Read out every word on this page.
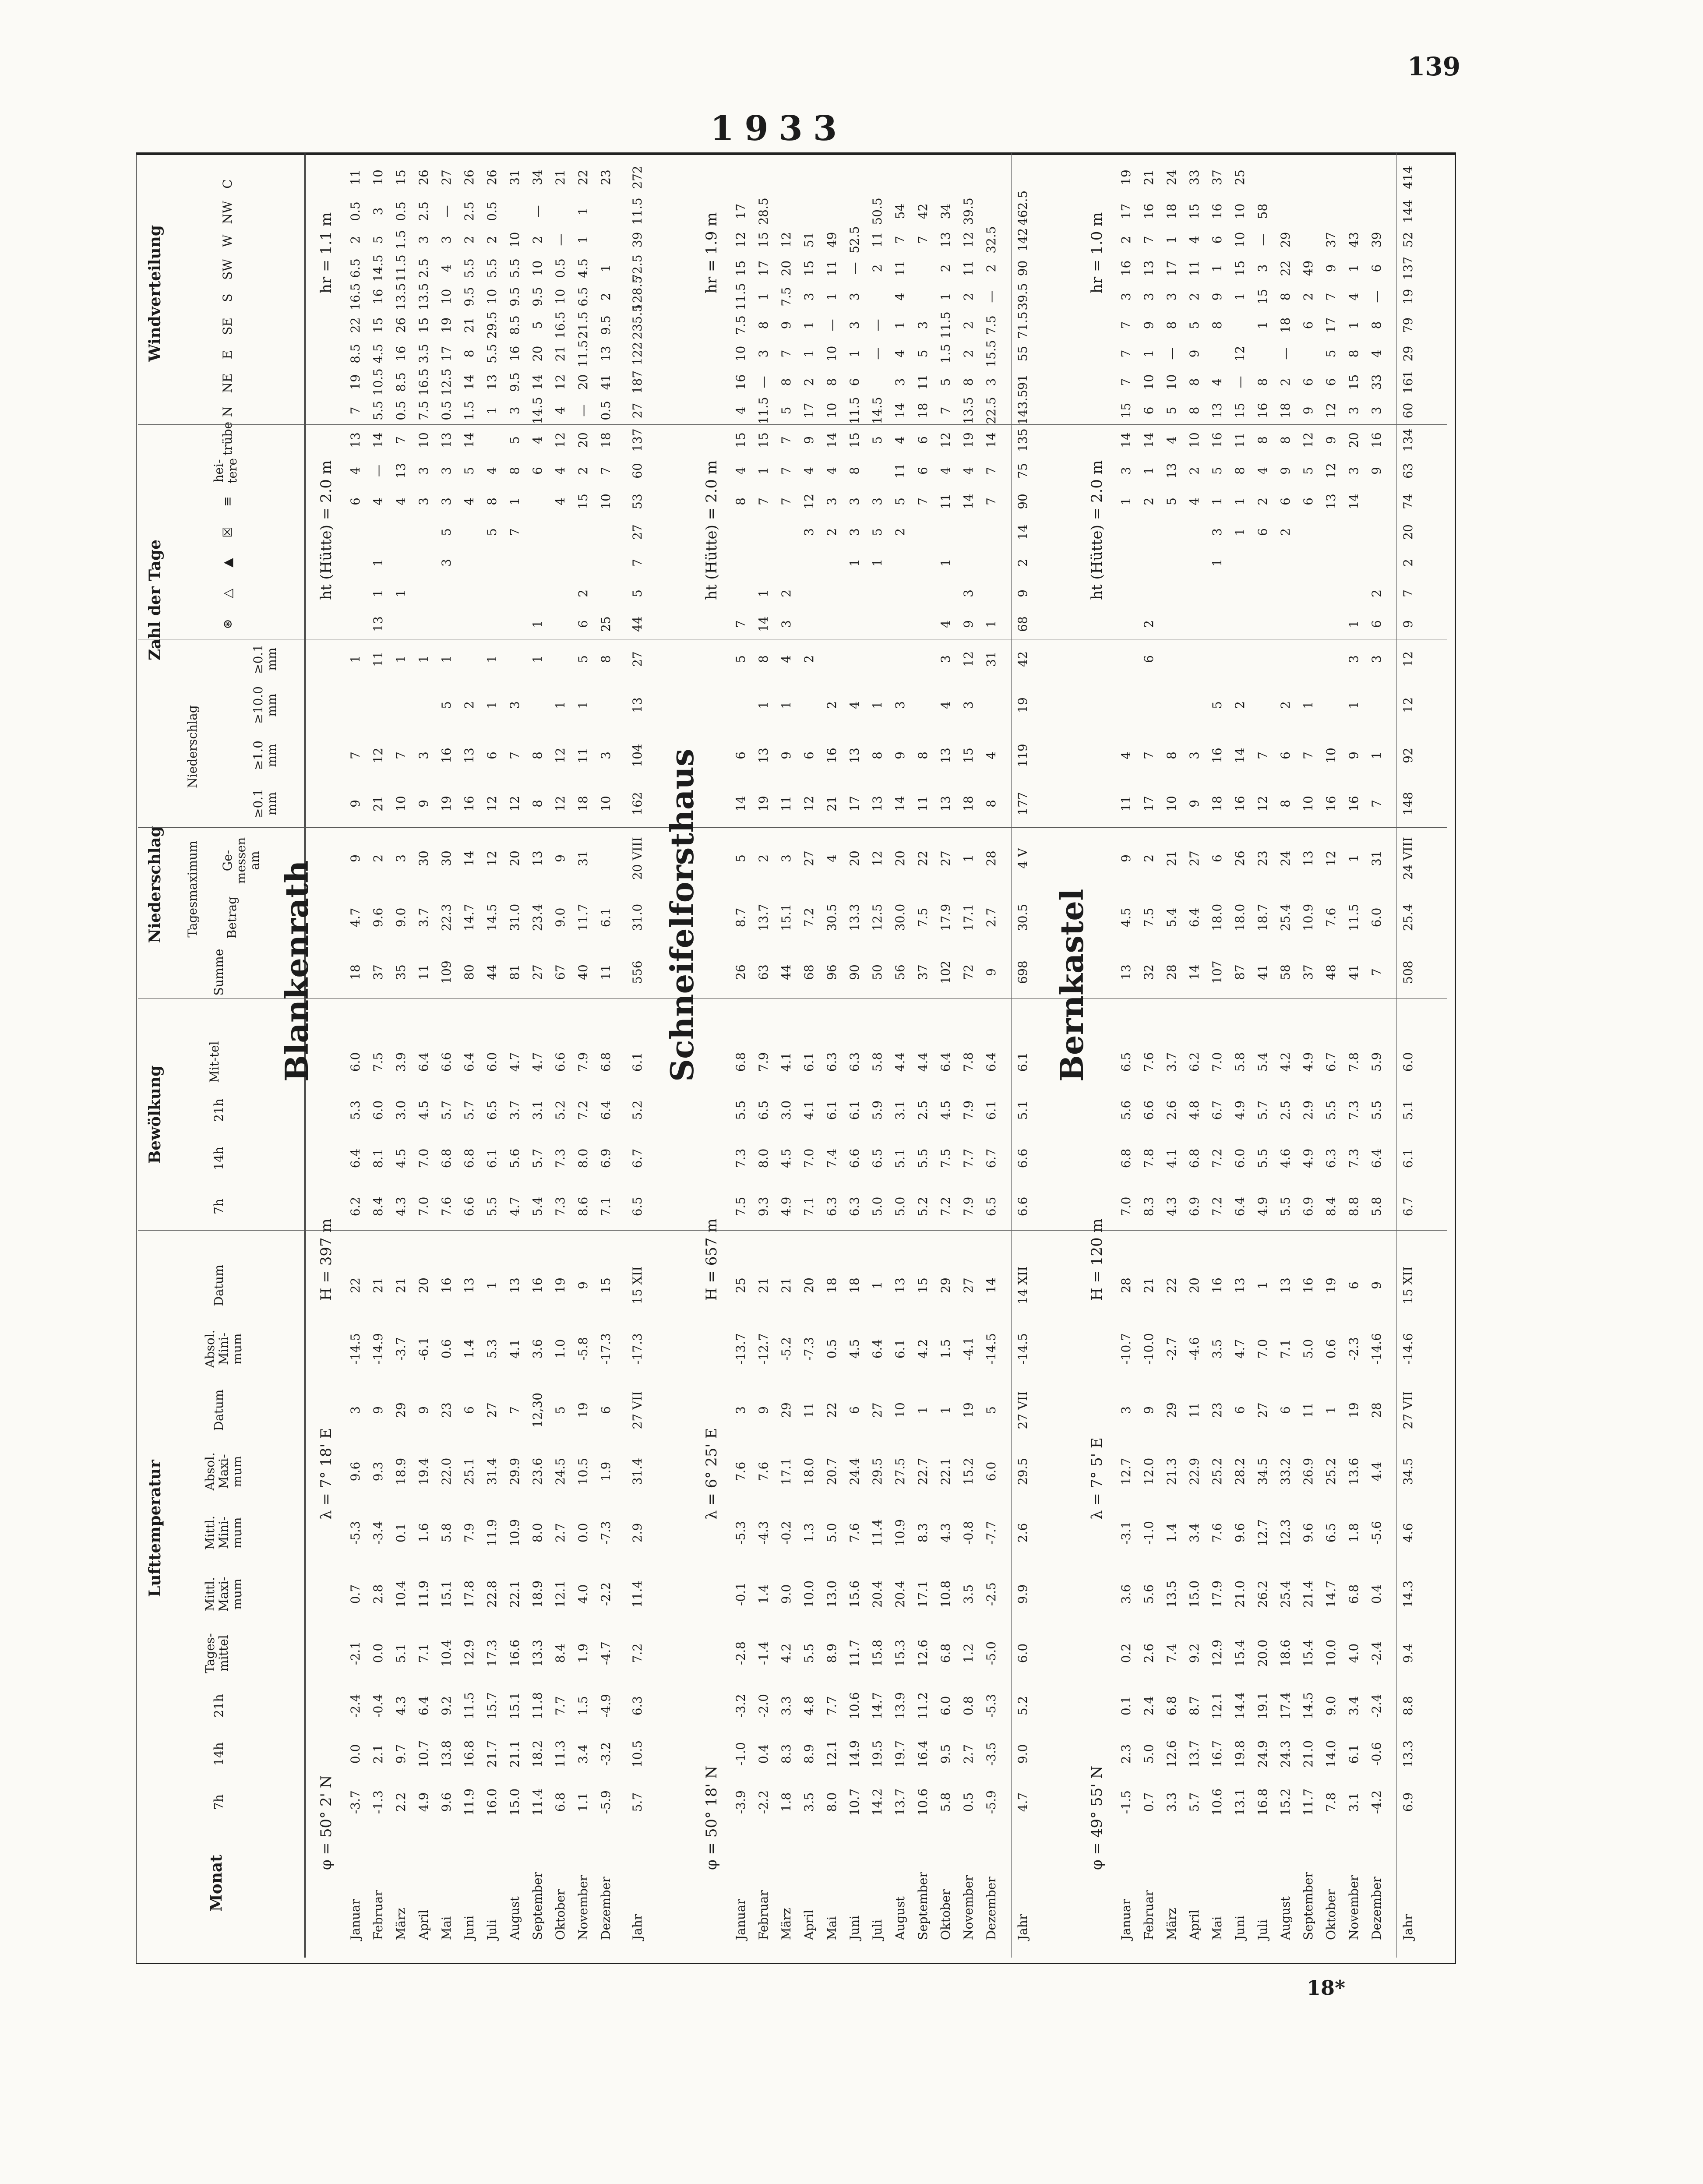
139
1933
18*
Monat
Lufttemperatur
Bewölkung
Niederschlag
Zahl der Tage
Windverteilung
7h
14h
21h
Tages-mittel
Mittl. Maxi-mum
Mittl. Mini-mum
Absol. Maxi-mum
Datum
Absol. Mini-mum
Datum
7h
14h
21h
Mit-tel
Summe
Tagesmaximum Betrag
Ge-messen am
Niederschlag
≥0.1 mm
≥1.0 mm
≥10.0 mm
≥0.1 mm
⊛
△
▲
☒
≡
hei-tere
trübe
N
NE
E
SE
S
SW
W
NW
C
φ = 50° 2' N
λ = 7° 18' E
H = 397 m
ht (Hütte) = 2.0 m
hr = 1.1 m
Blankenrath
Januar
-3.7
0.0
-2.4
-2.1
0.7
-5.3
9.6
3
-14.5
22
6.2
6.4
5.3
6.0
18
4.7
9
9
7
1
6
4
13
7
19
8.5
22
16.5
6.5
2
0.5
11
Februar
-1.3
2.1
-0.4
0.0
2.8
-3.4
9.3
9
-14.9
21
8.4
8.1
6.0
7.5
37
9.6
2
21
12
11
13
1
1
4
—
14
5.5
10.5
4.5
15
16
14.5
5
3
10
März
2.2
9.7
4.3
5.1
10.4
0.1
18.9
29
-3.7
21
4.3
4.5
3.0
3.9
35
9.0
3
10
7
1
1
4
13
7
0.5
8.5
16
26
13.5
11.5
1.5
0.5
15
April
4.9
10.7
6.4
7.1
11.9
1.6
19.4
9
-6.1
20
7.0
7.0
4.5
6.4
11
3.7
30
9
3
1
3
3
10
7.5
16.5
3.5
15
13.5
2.5
3
2.5
26
Mai
9.6
13.8
9.2
10.4
15.1
5.8
22.0
23
0.6
16
7.6
6.8
5.7
6.6
109
22.3
30
19
16
5
1
3
5
3
3
13
0.5
12.5
17
19
10
4
3
—
27
Juni
11.9
16.8
11.5
12.9
17.8
7.9
25.1
6
1.4
13
6.6
6.8
5.7
6.4
80
14.7
14
16
13
2
4
5
14
1.5
14
8
21
9.5
5.5
2
2.5
26
Juli
16.0
21.7
15.7
17.3
22.8
11.9
31.4
27
5.3
1
5.5
6.1
6.5
6.0
44
14.5
12
12
6
1
1
5
8
4
1
13
5.5
29.5
10
5.5
2
0.5
26
August
15.0
21.1
15.1
16.6
22.1
10.9
29.9
7
4.1
13
4.7
5.6
3.7
4.7
81
31.0
20
12
7
3
7
1
8
5
3
9.5
16
8.5
9.5
5.5
10
31
September
11.4
18.2
11.8
13.3
18.9
8.0
23.6
12,30
3.6
16
5.4
5.7
3.1
4.7
27
23.4
13
8
8
1
1
6
4
14.5
14
20
5
9.5
10
2
—
34
Oktober
6.8
11.3
7.7
8.4
12.1
2.7
24.5
5
1.0
19
7.3
7.3
5.2
6.6
67
9.0
9
12
12
1
4
4
12
4
12
21
16.5
10
0.5
—
21
November
1.1
3.4
1.5
1.9
4.0
0.0
10.5
19
-5.8
9
8.6
8.0
7.2
7.9
40
11.7
31
18
11
1
5
6
2
15
2
20
—
20
11.5
21.5
6.5
4.5
1
1
22
Dezember
-5.9
-3.2
-4.9
-4.7
-2.2
-7.3
1.9
6
-17.3
15
7.1
6.9
6.4
6.8
11
6.1
10
3
8
25
10
7
18
0.5
41
13
9.5
2
1
23
Jahr
5.7
10.5
6.3
7.2
11.4
2.9
31.4
27 VII
-17.3
15 XII
6.5
6.7
5.2
6.1
556
31.0
20 VIII
162
104
13
27
44
5
7
27
53
60
137
27
187
122
235.5
128.5
72.5
39
11.5
272
φ = 50° 18' N
λ = 6° 25' E
H = 657 m
ht (Hütte) = 2.0 m
hr = 1.9 m
Schneifelforsthaus
Januar
-3.9
-1.0
-3.2
-2.8
-0.1
-5.3
7.6
3
-13.7
25
7.5
7.3
5.5
6.8
26
8.7
5
14
6
5
7
8
4
15
4
16
10
7.5
11.5
15
12
17
Februar
-2.2
0.4
-2.0
-1.4
1.4
-4.3
7.6
9
-12.7
21
9.3
8.0
6.5
7.9
63
13.7
2
19
13
1
8
14
1
7
1
15
11.5
—
3
8
1
17
15
28.5
März
1.8
8.3
3.3
4.2
9.0
-0.2
17.1
29
-5.2
21
4.9
4.5
3.0
4.1
44
15.1
3
11
9
1
4
3
2
7
7
7
5
8
7
9
7.5
20
12
April
3.5
8.9
4.8
5.5
10.0
1.3
18.0
11
-7.3
20
7.1
7.0
4.1
6.1
68
7.2
27
12
6
2
3
12
4
9
17
2
1
1
3
15
51
Mai
8.0
12.1
7.7
8.9
13.0
5.0
20.7
22
0.5
18
6.3
7.4
6.1
6.3
96
30.5
4
21
16
2
2
3
4
14
10
8
10
—
1
11
49
Juni
10.7
14.9
10.6
11.7
15.6
7.6
24.4
6
4.5
18
6.3
6.6
6.1
6.3
90
13.3
20
17
13
4
1
3
3
8
15
11.5
6
1
3
3
—
52.5
Juli
14.2
19.5
14.7
15.8
20.4
11.4
29.5
27
6.4
1
5.0
6.5
5.9
5.8
50
12.5
12
13
8
1
1
5
3
5
14.5
—
—
2
11
50.5
August
13.7
19.7
13.9
15.3
20.4
10.9
27.5
10
6.1
13
5.0
5.1
3.1
4.4
56
30.0
20
14
9
3
2
5
11
4
14
3
4
1
4
11
7
54
September
10.6
16.4
11.2
12.6
17.1
8.3
22.7
1
4.2
15
5.2
5.5
2.5
4.4
37
7.5
22
11
8
7
6
6
18
11
5
3
7
42
Oktober
5.8
9.5
6.0
6.8
10.8
4.3
22.1
1
1.5
29
7.2
7.5
4.5
6.4
102
17.9
27
13
13
4
3
4
1
11
4
12
7
5
1.5
11.5
1
2
13
34
November
0.5
2.7
0.8
1.2
3.5
-0.8
15.2
19
-4.1
27
7.9
7.7
7.9
7.8
72
17.1
1
18
15
3
12
9
3
14
4
19
13.5
8
2
2
2
11
12
39.5
Dezember
-5.9
-3.5
-5.3
-5.0
-2.5
-7.7
6.0
5
-14.5
14
6.5
6.7
6.1
6.4
9
2.7
28
8
4
31
1
7
7
14
22.5
3
15.5
7.5
—
2
32.5
Jahr
4.7
9.0
5.2
6.0
9.9
2.6
29.5
27 VII
-14.5
14 XII
6.6
6.6
5.1
6.1
698
30.5
4 V
177
119
19
42
68
9
2
14
90
75
135
143.5
91
55
71.5
39.5
90
142
462.5
φ = 49° 55' N
λ = 7° 5' E
H = 120 m
ht (Hütte) = 2.0 m
hr = 1.0 m
Bernkastel
Januar
-1.5
2.3
0.1
0.2
3.6
-3.1
12.7
3
-10.7
28
7.0
6.8
5.6
6.5
13
4.5
9
11
4
1
3
14
15
7
7
7
3
16
2
17
19
Februar
0.7
5.0
2.4
2.6
5.6
-1.0
12.0
9
-10.0
21
8.3
7.8
6.6
7.6
32
7.5
2
17
7
6
2
2
1
14
6
10
1
9
3
13
7
16
21
März
3.3
12.6
6.8
7.4
13.5
1.4
21.3
29
-2.7
22
4.3
4.1
2.6
3.7
28
5.4
21
10
8
5
13
4
5
10
—
8
3
17
1
18
24
April
5.7
13.7
8.7
9.2
15.0
3.4
22.9
11
-4.6
20
6.9
6.8
4.8
6.2
14
6.4
27
9
3
4
2
10
8
8
9
5
2
11
4
15
33
Mai
10.6
16.7
12.1
12.9
17.9
7.6
25.2
23
3.5
16
7.2
7.2
6.7
7.0
107
18.0
6
18
16
5
1
3
1
5
16
13
4
8
9
1
6
16
37
Juni
13.1
19.8
14.4
15.4
21.0
9.6
28.2
6
4.7
13
6.4
6.0
4.9
5.8
87
18.0
26
16
14
2
1
1
8
11
15
—
12
1
15
10
10
25
Juli
16.8
24.9
19.1
20.0
26.2
12.7
34.5
27
7.0
1
4.9
5.5
5.7
5.4
41
18.7
23
12
7
6
2
4
8
16
8
1
15
3
—
58
August
15.2
24.3
17.4
18.6
25.4
12.3
33.2
6
7.1
13
5.5
4.6
2.5
4.2
58
25.4
24
8
6
2
2
6
9
8
18
2
—
18
8
22
29
September
11.7
21.0
14.5
15.4
21.4
9.6
26.9
11
5.0
16
6.9
4.9
2.9
4.9
37
10.9
13
10
7
1
6
5
12
9
6
6
2
49
Oktober
7.8
14.0
9.0
10.0
14.7
6.5
25.2
1
0.6
19
8.4
6.3
5.5
6.7
48
7.6
12
16
10
13
12
9
12
6
5
17
7
9
37
November
3.1
6.1
3.4
4.0
6.8
1.8
13.6
19
-2.3
6
8.8
7.3
7.3
7.8
41
11.5
1
16
9
1
3
1
14
3
20
3
15
8
1
4
1
43
Dezember
-4.2
-0.6
-2.4
-2.4
0.4
-5.6
4.4
28
-14.6
9
5.8
6.4
5.5
5.9
7
6.0
31
7
1
3
6
2
9
16
3
33
4
8
—
6
39
Jahr
6.9
13.3
8.8
9.4
14.3
4.6
34.5
27 VII
-14.6
15 XII
6.7
6.1
5.1
6.0
508
25.4
24 VIII
148
92
12
12
9
7
2
20
74
63
134
60
161
29
79
19
137
52
144
414
